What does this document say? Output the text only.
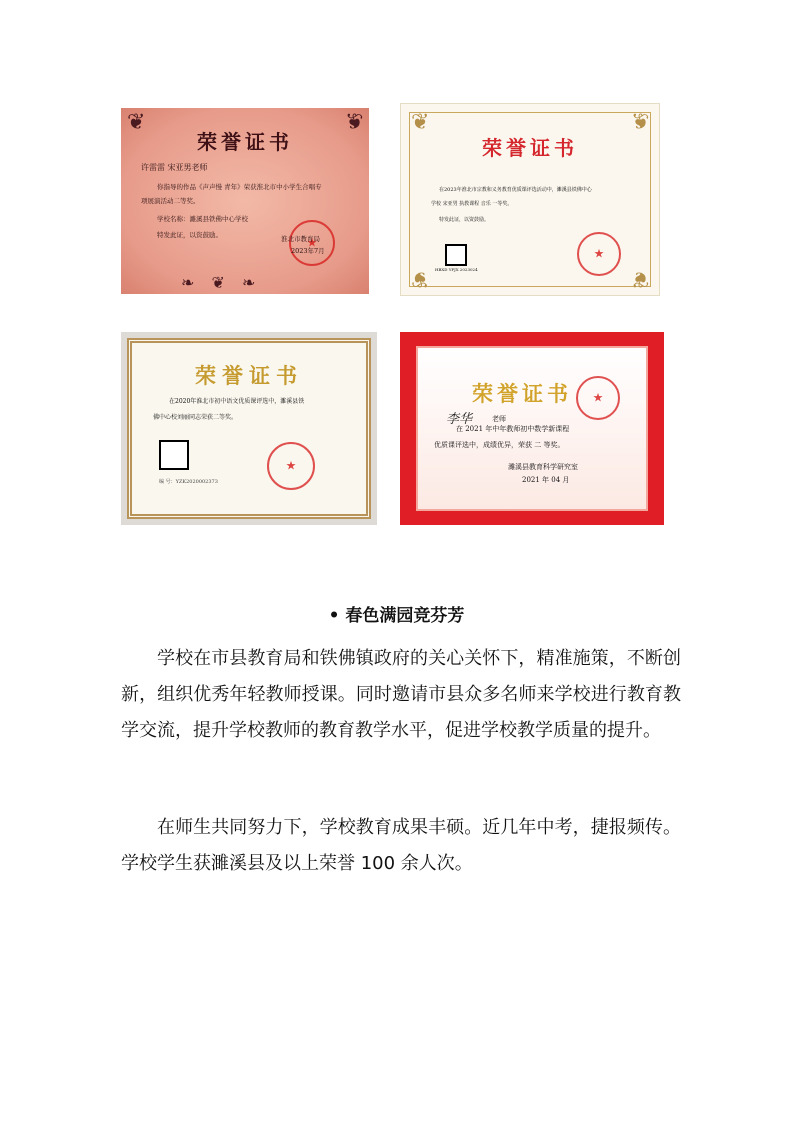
❦	❦
荣誉证书
许雷雷 宋亚男老师
你指导的作品《声声慢 青年》荣获淮北市中小学生合唱专
项展演活动二等奖。
学校名称：濉溪县铁佛中心学校
特发此证，以资鼓励。
★	淮北市教育局
2023年7月
❧ ❦ ❧
❦	❦
❦	❦
荣誉证书
在2023年淮北市宗教和义务教育优质课评选活动中，濉溪县铁佛中心
学校 宋亚男 执教课程 音乐 一等奖。
特发此证，以资鼓励。
HBXD YPJX 2023024
★
荣誉证书
在2020年淮北市初中语文优质课评选中，濉溪县铁
佛中心校刘丽同志荣获二等奖。
编 号：YZK2020002373
★
荣誉证书
★
李华	老师
在 2021 年中年教师初中数学新课程
优质课评选中，成绩优异，荣获 二 等奖。
濉溪县教育科学研究室
2021 年 04 月
• 春色满园竞芬芳

学校在市县教育局和铁佛镇政府的关心关怀下，精准施策，不断创新，组织优秀年轻教师授课。同时邀请市县众多名师来学校进行教育教学交流，提升学校教师的教育教学水平，促进学校教学质量的提升。

在师生共同努力下，学校教育成果丰硕。近几年中考，捷报频传。学校学生获濉溪县及以上荣誉 100 余人次。
